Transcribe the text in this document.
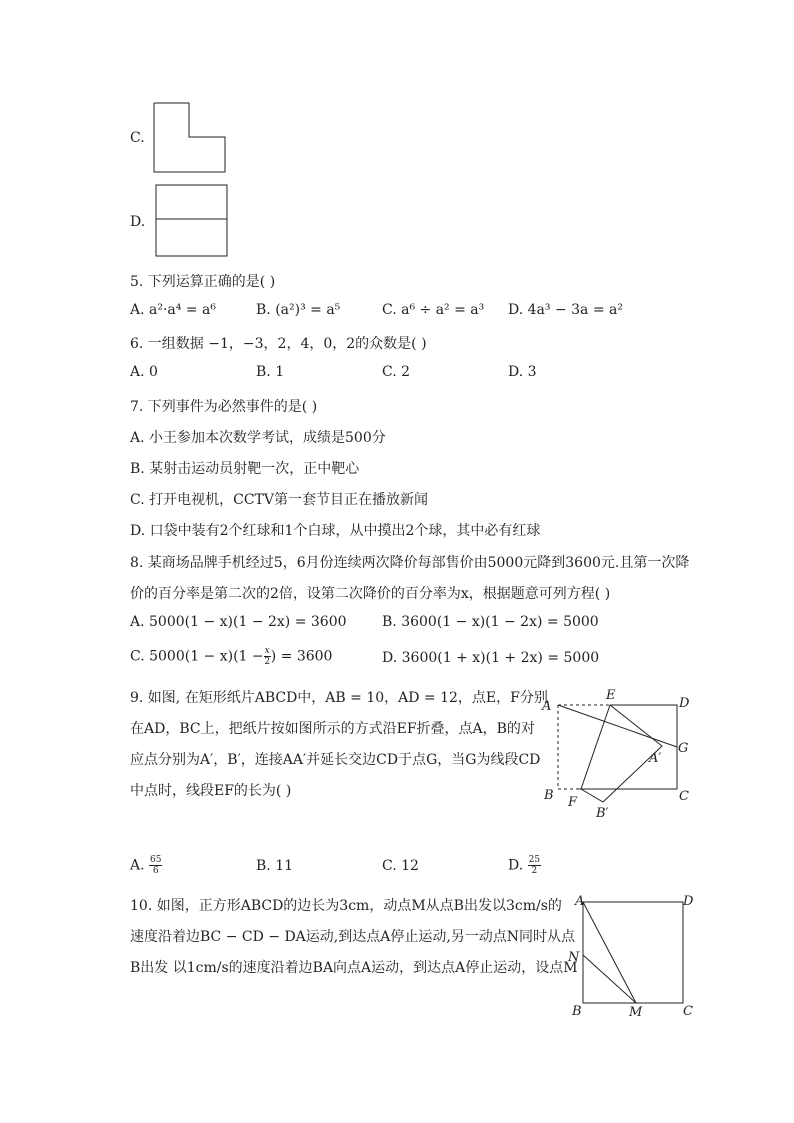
C.
D.
5. 下列运算正确的是( )
A. a²·a⁴ = a⁶	B. (a²)³ = a⁵	C. a⁶ ÷ a² = a³ D. 4a³ − 3a = a²
6. 一组数据 −1，−3，2，4，0，2的众数是( )
A. 0	B. 1	C. 2	D. 3
7. 下列事件为必然事件的是( )
A. 小王参加本次数学考试，成绩是500分
B. 某射击运动员射靶一次，正中靶心
C. 打开电视机，CCTV第一套节目正在播放新闻
D. 口袋中装有2个红球和1个白球，从中摸出2个球，其中必有红球
8. 某商场品牌手机经过5，6月份连续两次降价每部售价由5000元降到3600元.且第一次降
价的百分率是第二次的2倍，设第二次降价的百分率为x，根据题意可列方程( )
A. 5000(1 − x)(1 − 2x) = 3600	B. 3600(1 − x)(1 − 2x) = 5000
C. $5000(1 - x)(1 - \frac{x}{2}$ ) = 3600	D. 3600(1 + x)(1 + 2x) = 5000
9. 如图, 在矩形纸片ABCD中，AB = 10，AD = 12，点E，F分别
在AD，BC上，把纸片按如图所示的方式沿EF折叠，点A，B的对
应点分别为A′，B′，连接AA′并延长交边CD于点G，当G为线段CD
中点时，线段EF的长为( )
A
E
D
G
A′
B F
B′
C
A. $\frac{65}{6}$	B. 11	C. 12	D. $\frac{25}{2}$
10. 如图，正方形ABCD的边长为3cm，动点M从点B出发以3cm/s的
速度沿着边BC − CD − DA运动,到达点A停止运动,另一动点N同时从点
B出发 以1cm/s的速度沿着边BA向点A运动，到达点A停止运动，设点M
A	D
N
B	M	C
